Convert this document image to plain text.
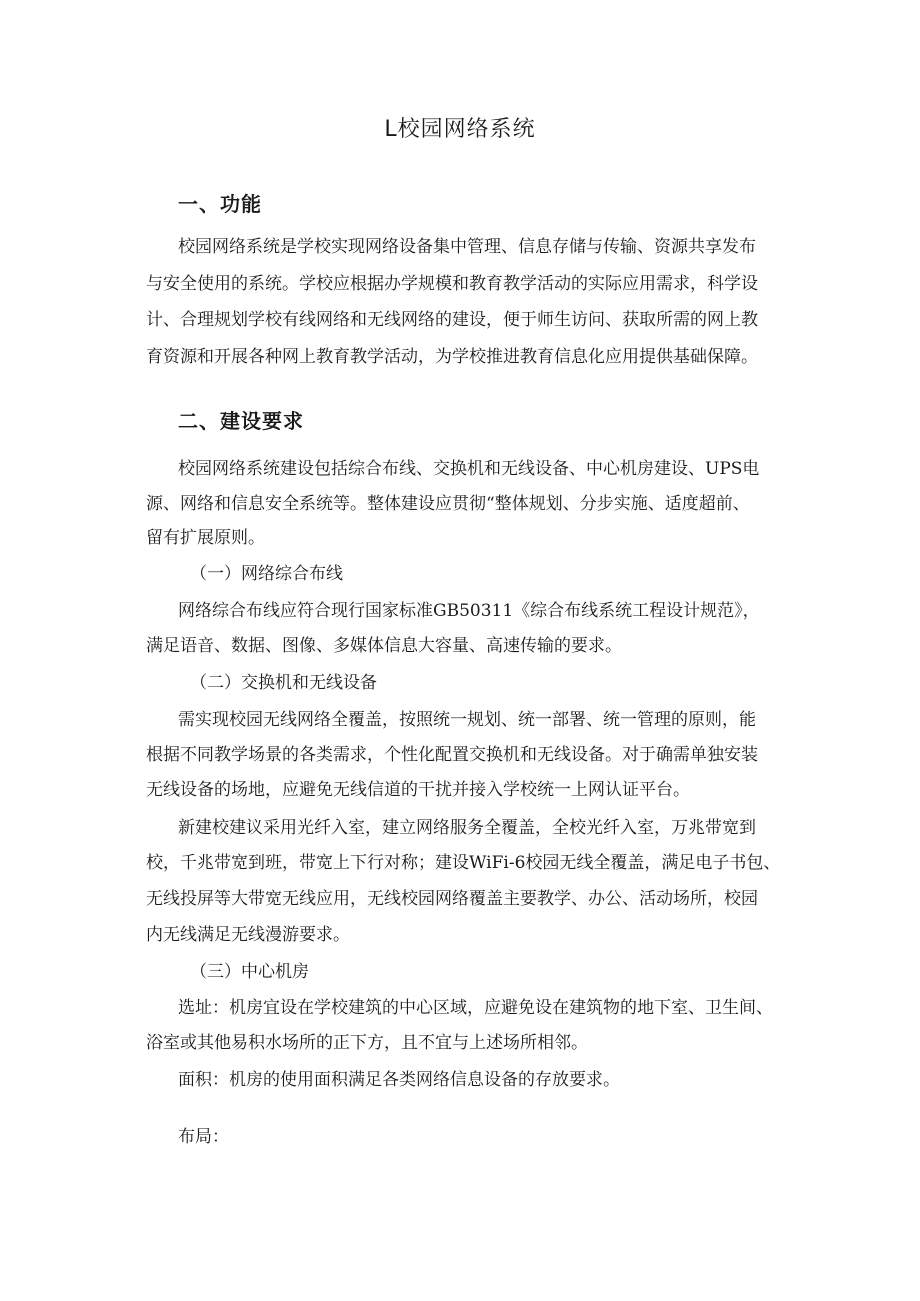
L校园网络系统
一、功能
校园网络系统是学校实现网络设备集中管理、信息存储与传输、资源共享发布
与安全使用的系统。学校应根据办学规模和教育教学活动的实际应用需求，科学设
计、合理规划学校有线网络和无线网络的建设，便于师生访问、获取所需的网上教
育资源和开展各种网上教育教学活动，为学校推进教育信息化应用提供基础保障。
二、建设要求
校园网络系统建设包括综合布线、交换机和无线设备、中心机房建设、UPS电
源、网络和信息安全系统等。整体建设应贯彻“整体规划、分步实施、适度超前、
留有扩展原则。
（一）网络综合布线
网络综合布线应符合现行国家标准GB50311《综合布线系统工程设计规范》，
满足语音、数据、图像、多媒体信息大容量、高速传输的要求。
（二）交换机和无线设备
需实现校园无线网络全覆盖，按照统一规划、统一部署、统一管理的原则，能
根据不同教学场景的各类需求，个性化配置交换机和无线设备。对于确需单独安装
无线设备的场地，应避免无线信道的干扰并接入学校统一上网认证平台。
新建校建议采用光纤入室，建立网络服务全覆盖，全校光纤入室，万兆带宽到
校，千兆带宽到班，带宽上下行对称；建设WiFi-6校园无线全覆盖，满足电子书包、
无线投屏等大带宽无线应用，无线校园网络覆盖主要教学、办公、活动场所，校园
内无线满足无线漫游要求。
（三）中心机房
选址：机房宜设在学校建筑的中心区域，应避免设在建筑物的地下室、卫生间、
浴室或其他易积水场所的正下方，且不宜与上述场所相邻。
面积：机房的使用面积满足各类网络信息设备的存放要求。
布局：
